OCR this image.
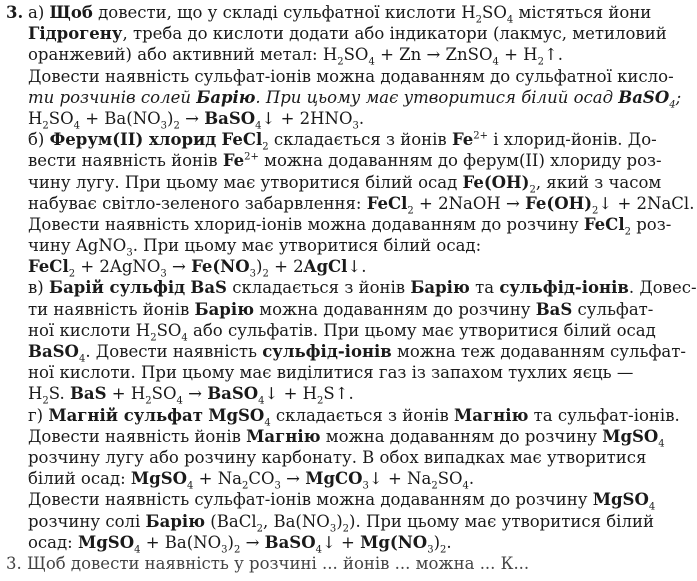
3. а) Щоб довести, що у складі сульфатної кислоти $H_2SO_4$ містяться йони
Гідрогену, треба до кислоти додати або індикатори (лакмус, метиловий
оранжевий) або активний метал: $H_2SO_4 + Zn$ → ZnSO$_4$ + $H_2↑$.
Довести наявність сульфат-іонів можна додаванням до сульфатної кисло-
ти розчинів солей Барію. При цьому має утворитися білий осад BaSO$_4$;
$H_2SO_4 + Ba(NO_3)_2$ → BaSO$_4$↓ + $2HNO_3$.
б) Ферум(II) хлорид FeCl$_2$ складається з йонів $Fe^{2+}$ і хлорид-йонів. До-
вести наявність йонів $Fe^{2+}$ можна додаванням до ферум(II) хлориду роз-
чину лугу. При цьому має утворитися білий осад $Fe(OH)_2$, який з часом
набуває світло-зеленого забарвлення: FeCl$_2$ + 2NaOH → $Fe(OH)_2↓$ + 2NaCl.
Довести наявність хлорид-іонів можна додаванням до розчину FeCl$_2$ роз-
чину AgNO$_3$. При цьому має утворитися білий осад:
FeCl$_2$ + 2AgNO$_3$ → $Fe(NO_3)_2$ + 2AgCl↓.
в) Барій сульфід BaS складається з йонів Барію та сульфід-іонів. Довес-
ти наявність йонів Барію можна додаванням до розчину BaS сульфат-
ної кислоти $H_2SO_4$ або сульфатів. При цьому має утворитися білий осад
BaSO$_4$. Довести наявність сульфід-іонів можна теж додаванням сульфат-
ної кислоти. При цьому має виділитися газ із запахом тухлих яєць —
$H_2S$. BaS + $H_2SO_4$ → BaSO$_4$↓ + $H_2S↑$.
г) Магній сульфат MgSO$_4$ складається з йонів Магнію та сульфат-іонів.
Довести наявність йонів Магнію можна додаванням до розчину MgSO$_4$
розчину лугу або розчину карбонату. В обох випадках має утворитися
білий осад: MgSO$_4$ + $Na_2CO_3$ → MgCO$_3$↓ + $Na_2SO_4$.
Довести наявність сульфат-іонів можна додаванням до розчину MgSO$_4$
розчину солі Барію (BaCl$_2$, $Ba(NO_3)_2$). При цьому має утворитися білий
осад: MgSO$_4$ + $Ba(NO_3)_2$ → BaSO$_4$↓ + $Mg(NO_3)_2$.
3. Щоб довести наявність у розчині ... йонів ... можна ... К...
